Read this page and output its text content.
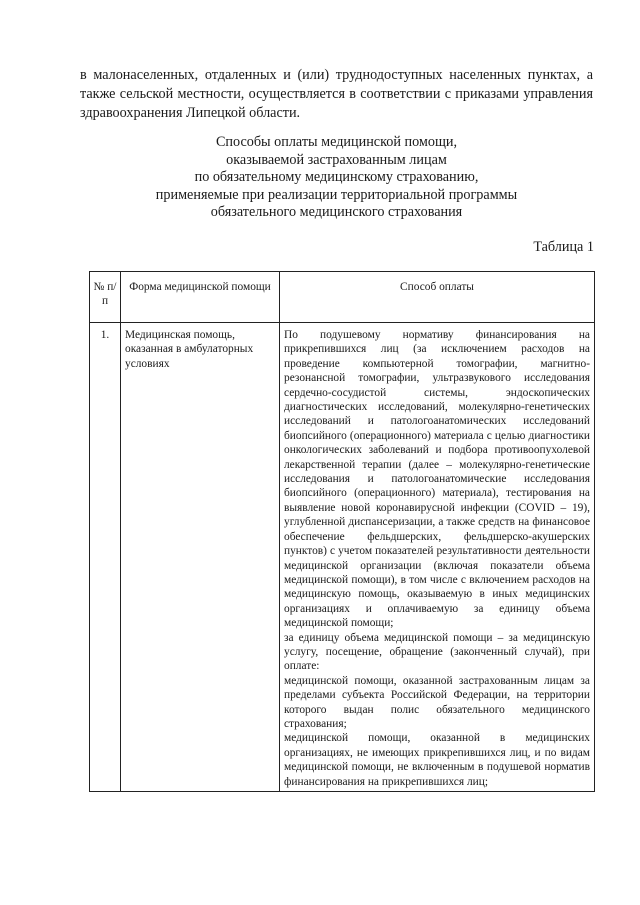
в малонаселенных, отдаленных и (или) труднодоступных населенных пунктах, а также сельской местности, осуществляется в соответствии с приказами управления здравоохранения Липецкой области.
Способы оплаты медицинской помощи,
оказываемой застрахованным лицам
по обязательному медицинскому страхованию,
применяемые при реализации территориальной программы
обязательного медицинского страхования
Таблица 1
№ п/п	Форма медицинской помощи	Способ оплаты
1.	Медицинская помощь, оказанная в амбулаторных условиях	По подушевому нормативу финансирования на прикрепившихся лиц (за исключением расходов на проведение компьютерной томографии, магнитно-резонансной томографии, ультразвукового исследования сердечно-сосудистой системы, эндоскопических диагностических исследований, молекулярно-генетических исследований и патологоанатомических исследований биопсийного (операционного) материала с целью диагностики онкологических заболеваний и подбора противоопухолевой лекарственной терапии (далее – молекулярно-генетические исследования и патологоанатомические исследования биопсийного (операционного) материала), тестирования на выявление новой коронавирусной инфекции (COVID – 19), углубленной диспансеризации, а также средств на финансовое обеспечение фельдшерских, фельдшерско-акушерских пунктов) с учетом показателей результативности деятельности медицинской организации (включая показатели объема медицинской помощи), в том числе с включением расходов на медицинскую помощь, оказываемую в иных медицинских организациях и оплачиваемую за единицу объема медицинской помощи;

за единицу объема медицинской помощи – за медицинскую услугу, посещение, обращение (законченный случай), при оплате:

медицинской помощи, оказанной застрахованным лицам за пределами субъекта Российской Федерации, на территории которого выдан полис обязательного медицинского страхования;

медицинской помощи, оказанной в медицинских организациях, не имеющих прикрепившихся лиц, и по видам медицинской помощи, не включенным в подушевой норматив финансирования на прикрепившихся лиц;
